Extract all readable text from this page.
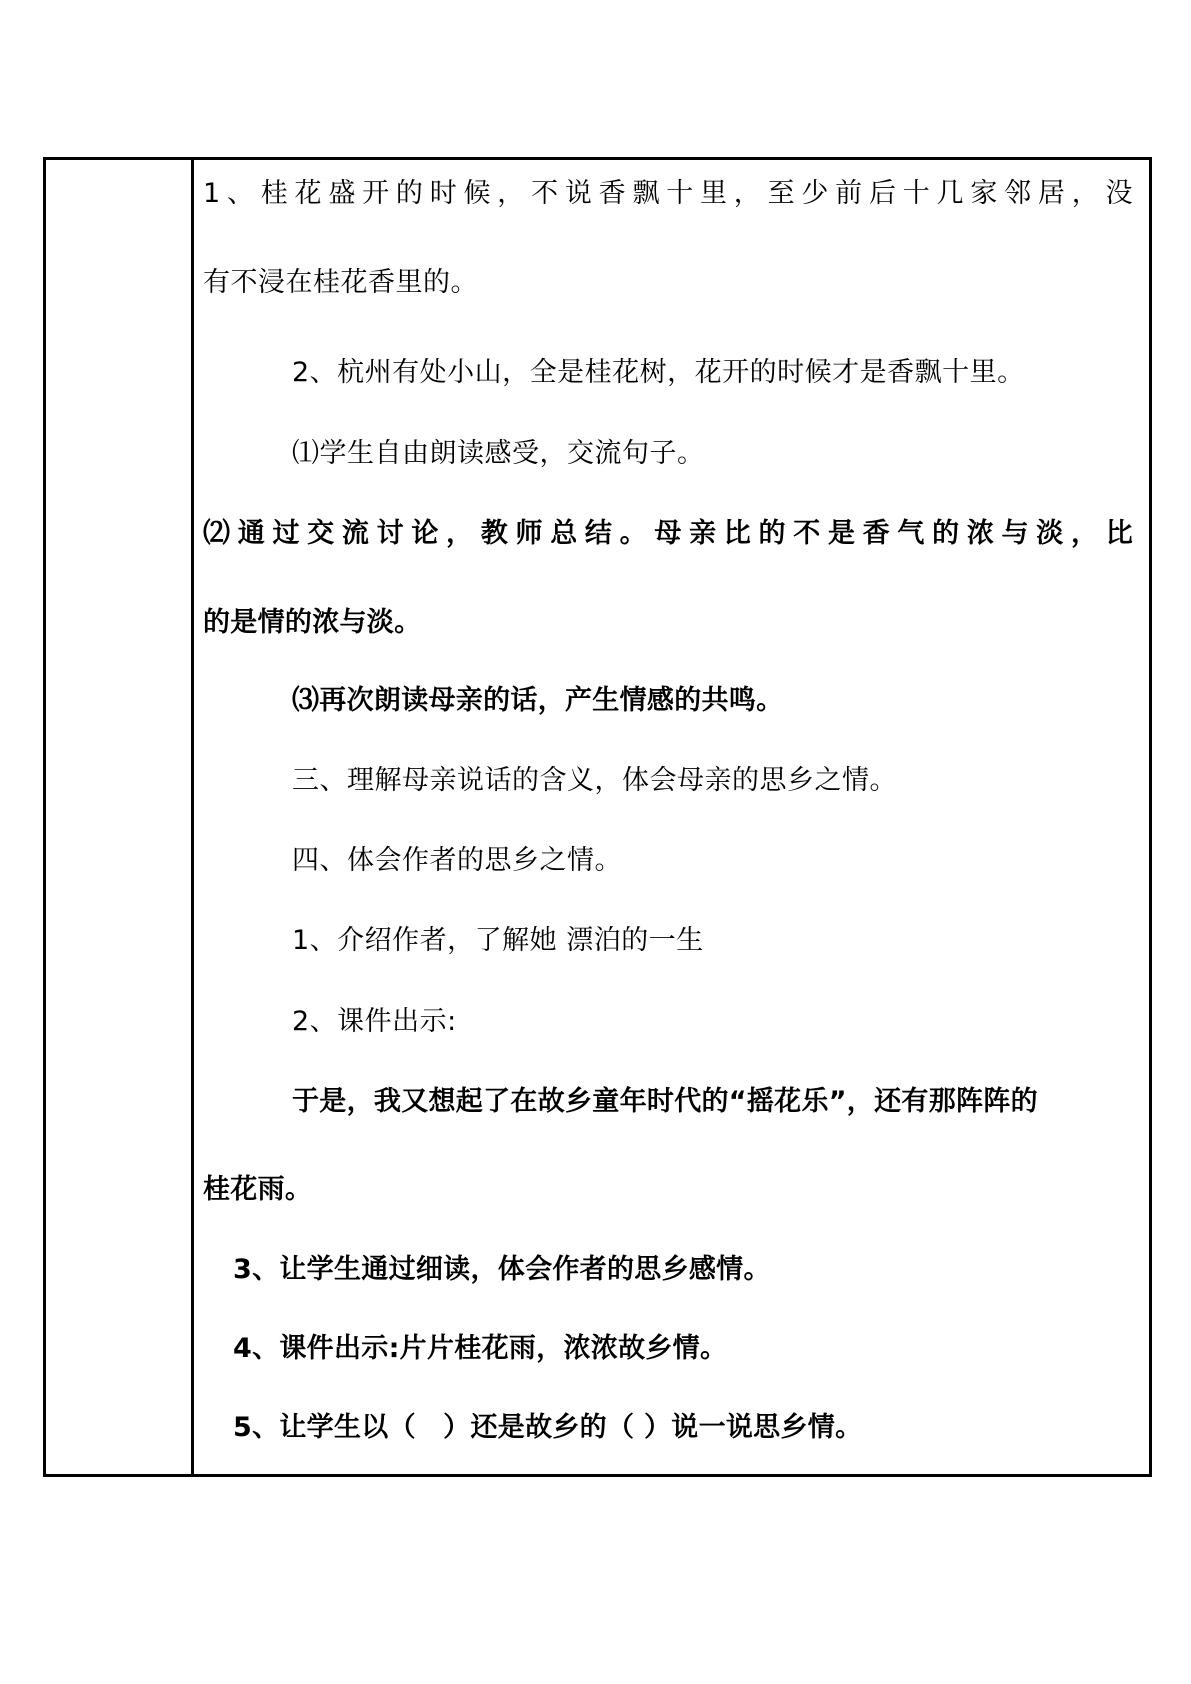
1、桂花盛开的时候，不说香飘十里，至少前后十几家邻居，没
有不浸在桂花香里的。
2、杭州有处小山，全是桂花树，花开的时候才是香飘十里。
⑴学生自由朗读感受，交流句子。
⑵通过交流讨论，教师总结。母亲比的不是香气的浓与淡，比
的是情的浓与淡。
⑶再次朗读母亲的话，产生情感的共鸣。
三、理解母亲说话的含义，体会母亲的思乡之情。
四、体会作者的思乡之情。
1、介绍作者，了解她 漂泊的一生
2、课件出示:
于是，我又想起了在故乡童年时代的“摇花乐”，还有那阵阵的
桂花雨。
3、让学生通过细读，体会作者的思乡感情。
4、课件出示:片片桂花雨，浓浓故乡情。
5、让学生以（　）还是故乡的（ ）说一说思乡情。
